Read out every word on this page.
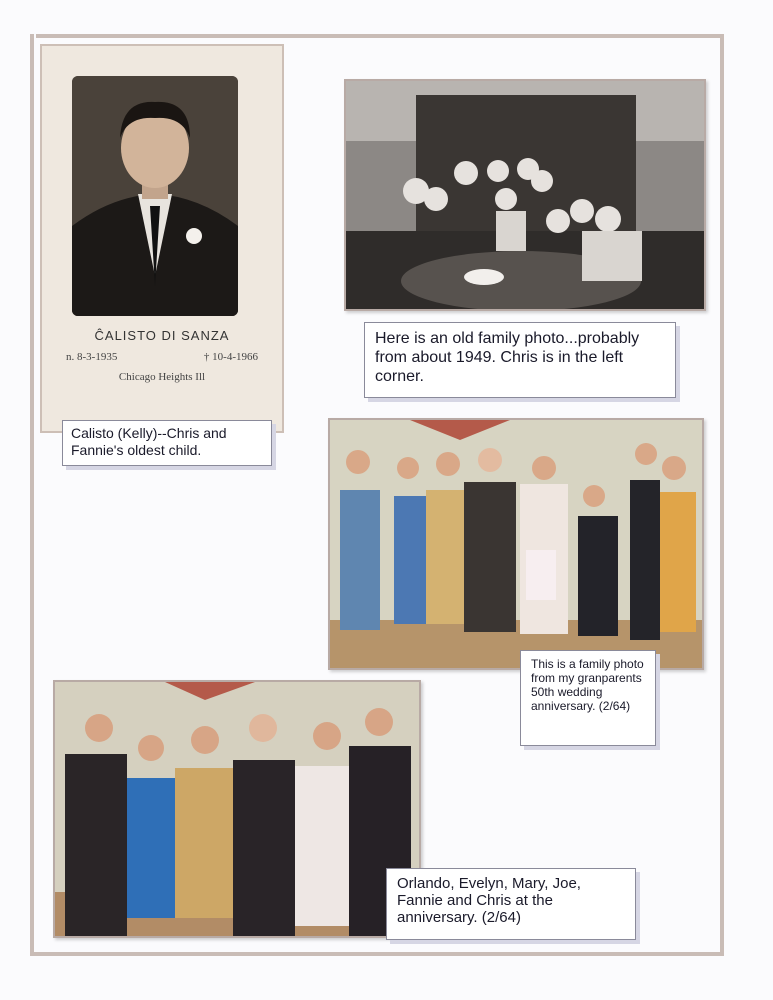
ĈALISTO DI SANZA
n. 8-3-1935	† 10-4-1966
Chicago Heights Ill
Calisto (Kelly)--Chris and Fannie's oldest child.
Here is an old family photo...probably from about 1949. Chris is in the left corner.
This is a family photo from my granparents 50th wedding anniversary. (2/64)
Orlando, Evelyn, Mary, Joe, Fannie and Chris at the anniversary. (2/64)
